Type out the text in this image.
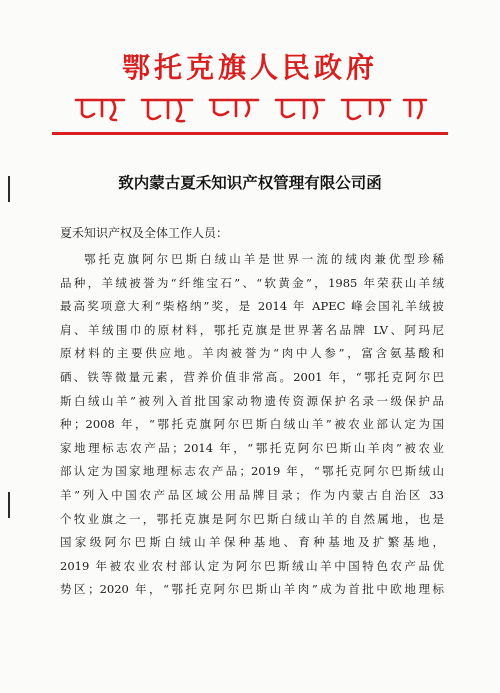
鄂托克旗人民政府
致内蒙古夏禾知识产权管理有限公司函
夏禾知识产权及全体工作人员：
鄂托克旗阿尔巴斯白绒山羊是世界一流的绒肉兼优型珍稀
品种，羊绒被誉为“纤维宝石”、“软黄金”，1985 年荣获山羊绒
最高奖项意大利“柴格纳”奖，是 2014 年 APEC 峰会国礼羊绒披
肩、羊绒围巾的原材料，鄂托克旗是世界著名品牌 LV、阿玛尼
原材料的主要供应地。羊肉被誉为“肉中人参”，富含氨基酸和
硒、铁等微量元素，营养价值非常高。2001 年，“鄂托克阿尔巴
斯白绒山羊”被列入首批国家动物遗传资源保护名录一级保护品
种；2008 年，“鄂托克旗阿尔巴斯白绒山羊”被农业部认定为国
家地理标志农产品；2014 年，“鄂托克阿尔巴斯山羊肉”被农业
部认定为国家地理标志农产品；2019 年，“鄂托克阿尔巴斯绒山
羊”列入中国农产品区域公用品牌目录；作为内蒙古自治区 33
个牧业旗之一，鄂托克旗是阿尔巴斯白绒山羊的自然属地，也是
国家级阿尔巴斯白绒山羊保种基地、育种基地及扩繁基地，
2019 年被农业农村部认定为阿尔巴斯绒山羊中国特色农产品优
势区；2020 年，“鄂托克阿尔巴斯山羊肉”成为首批中欧地理标
